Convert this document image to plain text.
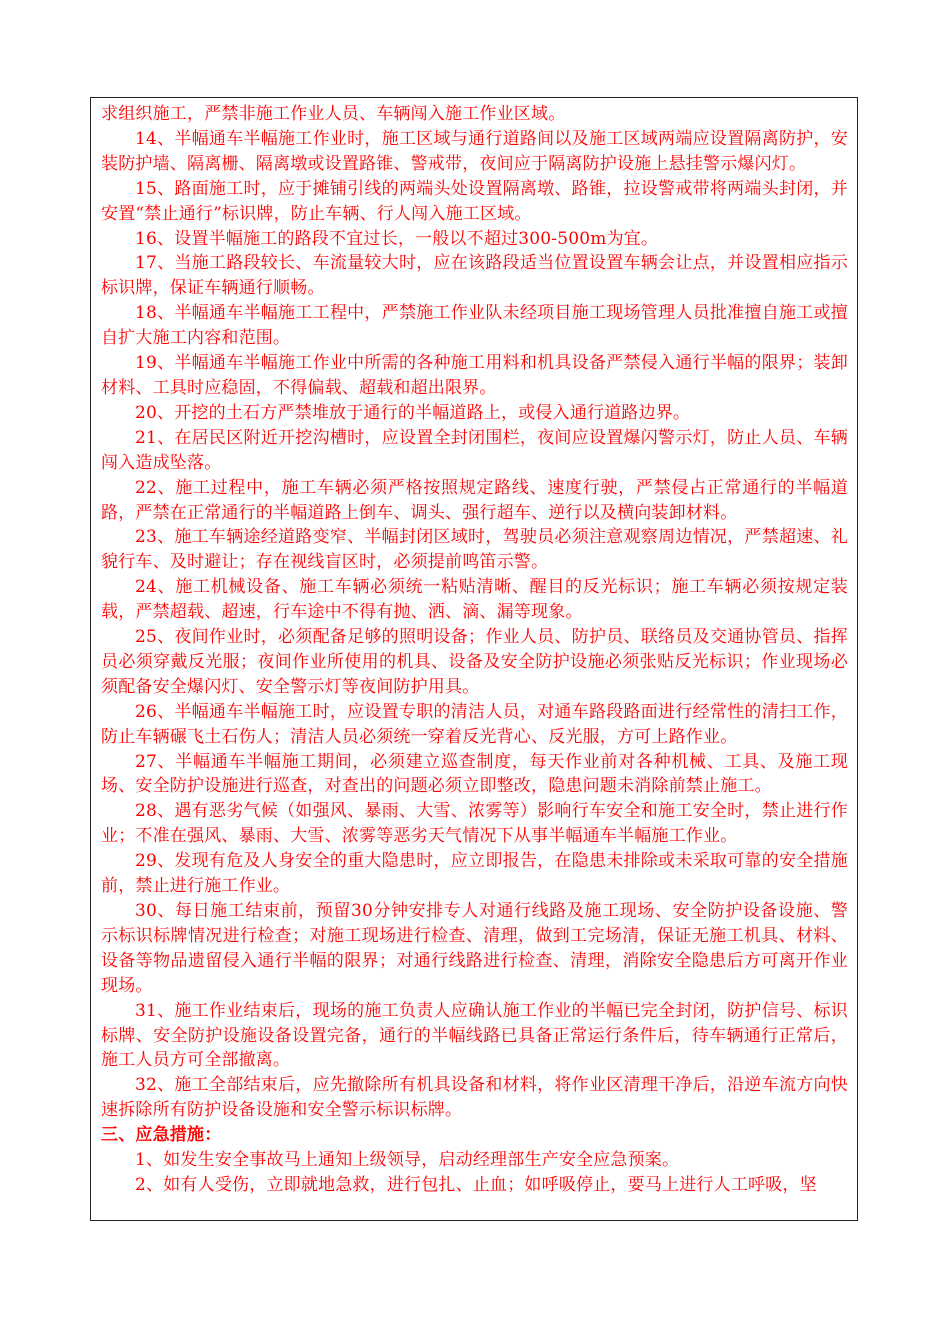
求组织施工，严禁非施工作业人员、车辆闯入施工作业区域。

14、半幅通车半幅施工作业时，施工区域与通行道路间以及施工区域两端应设置隔离防护，安装防护墙、隔离栅、隔离墩或设置路锥、警戒带，夜间应于隔离防护设施上悬挂警示爆闪灯。

15、路面施工时，应于摊铺引线的两端头处设置隔离墩、路锥，拉设警戒带将两端头封闭，并安置“禁止通行”标识牌，防止车辆、行人闯入施工区域。

16、设置半幅施工的路段不宜过长，一般以不超过300-500m为宜。

17、当施工路段较长、车流量较大时，应在该路段适当位置设置车辆会让点，并设置相应指示标识牌，保证车辆通行顺畅。

18、半幅通车半幅施工工程中，严禁施工作业队未经项目施工现场管理人员批准擅自施工或擅自扩大施工内容和范围。

19、半幅通车半幅施工作业中所需的各种施工用料和机具设备严禁侵入通行半幅的限界；装卸材料、工具时应稳固，不得偏载、超载和超出限界。

20、开挖的土石方严禁堆放于通行的半幅道路上，或侵入通行道路边界。

21、在居民区附近开挖沟槽时，应设置全封闭围栏，夜间应设置爆闪警示灯，防止人员、车辆闯入造成坠落。

22、施工过程中，施工车辆必须严格按照规定路线、速度行驶，严禁侵占正常通行的半幅道路，严禁在正常通行的半幅道路上倒车、调头、强行超车、逆行以及横向装卸材料。

23、施工车辆途经道路变窄、半幅封闭区域时，驾驶员必须注意观察周边情况，严禁超速、礼貌行车、及时避让；存在视线盲区时，必须提前鸣笛示警。

24、施工机械设备、施工车辆必须统一粘贴清晰、醒目的反光标识；施工车辆必须按规定装载，严禁超载、超速，行车途中不得有抛、洒、滴、漏等现象。

25、夜间作业时，必须配备足够的照明设备；作业人员、防护员、联络员及交通协管员、指挥员必须穿戴反光服；夜间作业所使用的机具、设备及安全防护设施必须张贴反光标识；作业现场必须配备安全爆闪灯、安全警示灯等夜间防护用具。

26、半幅通车半幅施工时，应设置专职的清洁人员，对通车路段路面进行经常性的清扫工作，防止车辆碾飞土石伤人；清洁人员必须统一穿着反光背心、反光服，方可上路作业。

27、半幅通车半幅施工期间，必须建立巡查制度，每天作业前对各种机械、工具、及施工现场、安全防护设施进行巡查，对查出的问题必须立即整改，隐患问题未消除前禁止施工。

28、遇有恶劣气候（如强风、暴雨、大雪、浓雾等）影响行车安全和施工安全时，禁止进行作业；不准在强风、暴雨、大雪、浓雾等恶劣天气情况下从事半幅通车半幅施工作业。

29、发现有危及人身安全的重大隐患时，应立即报告，在隐患未排除或未采取可靠的安全措施前，禁止进行施工作业。

30、每日施工结束前，预留30分钟安排专人对通行线路及施工现场、安全防护设备设施、警示标识标牌情况进行检查；对施工现场进行检查、清理，做到工完场清，保证无施工机具、材料、设备等物品遗留侵入通行半幅的限界；对通行线路进行检查、清理，消除安全隐患后方可离开作业现场。

31、施工作业结束后，现场的施工负责人应确认施工作业的半幅已完全封闭，防护信号、标识标牌、安全防护设施设备设置完备，通行的半幅线路已具备正常运行条件后，待车辆通行正常后，施工人员方可全部撤离。

32、施工全部结束后，应先撤除所有机具设备和材料，将作业区清理干净后，沿逆车流方向快速拆除所有防护设备设施和安全警示标识标牌。

三、应急措施：

1、如发生安全事故马上通知上级领导，启动经理部生产安全应急预案。

2、如有人受伤，立即就地急救，进行包扎、止血；如呼吸停止，要马上进行人工呼吸，坚
